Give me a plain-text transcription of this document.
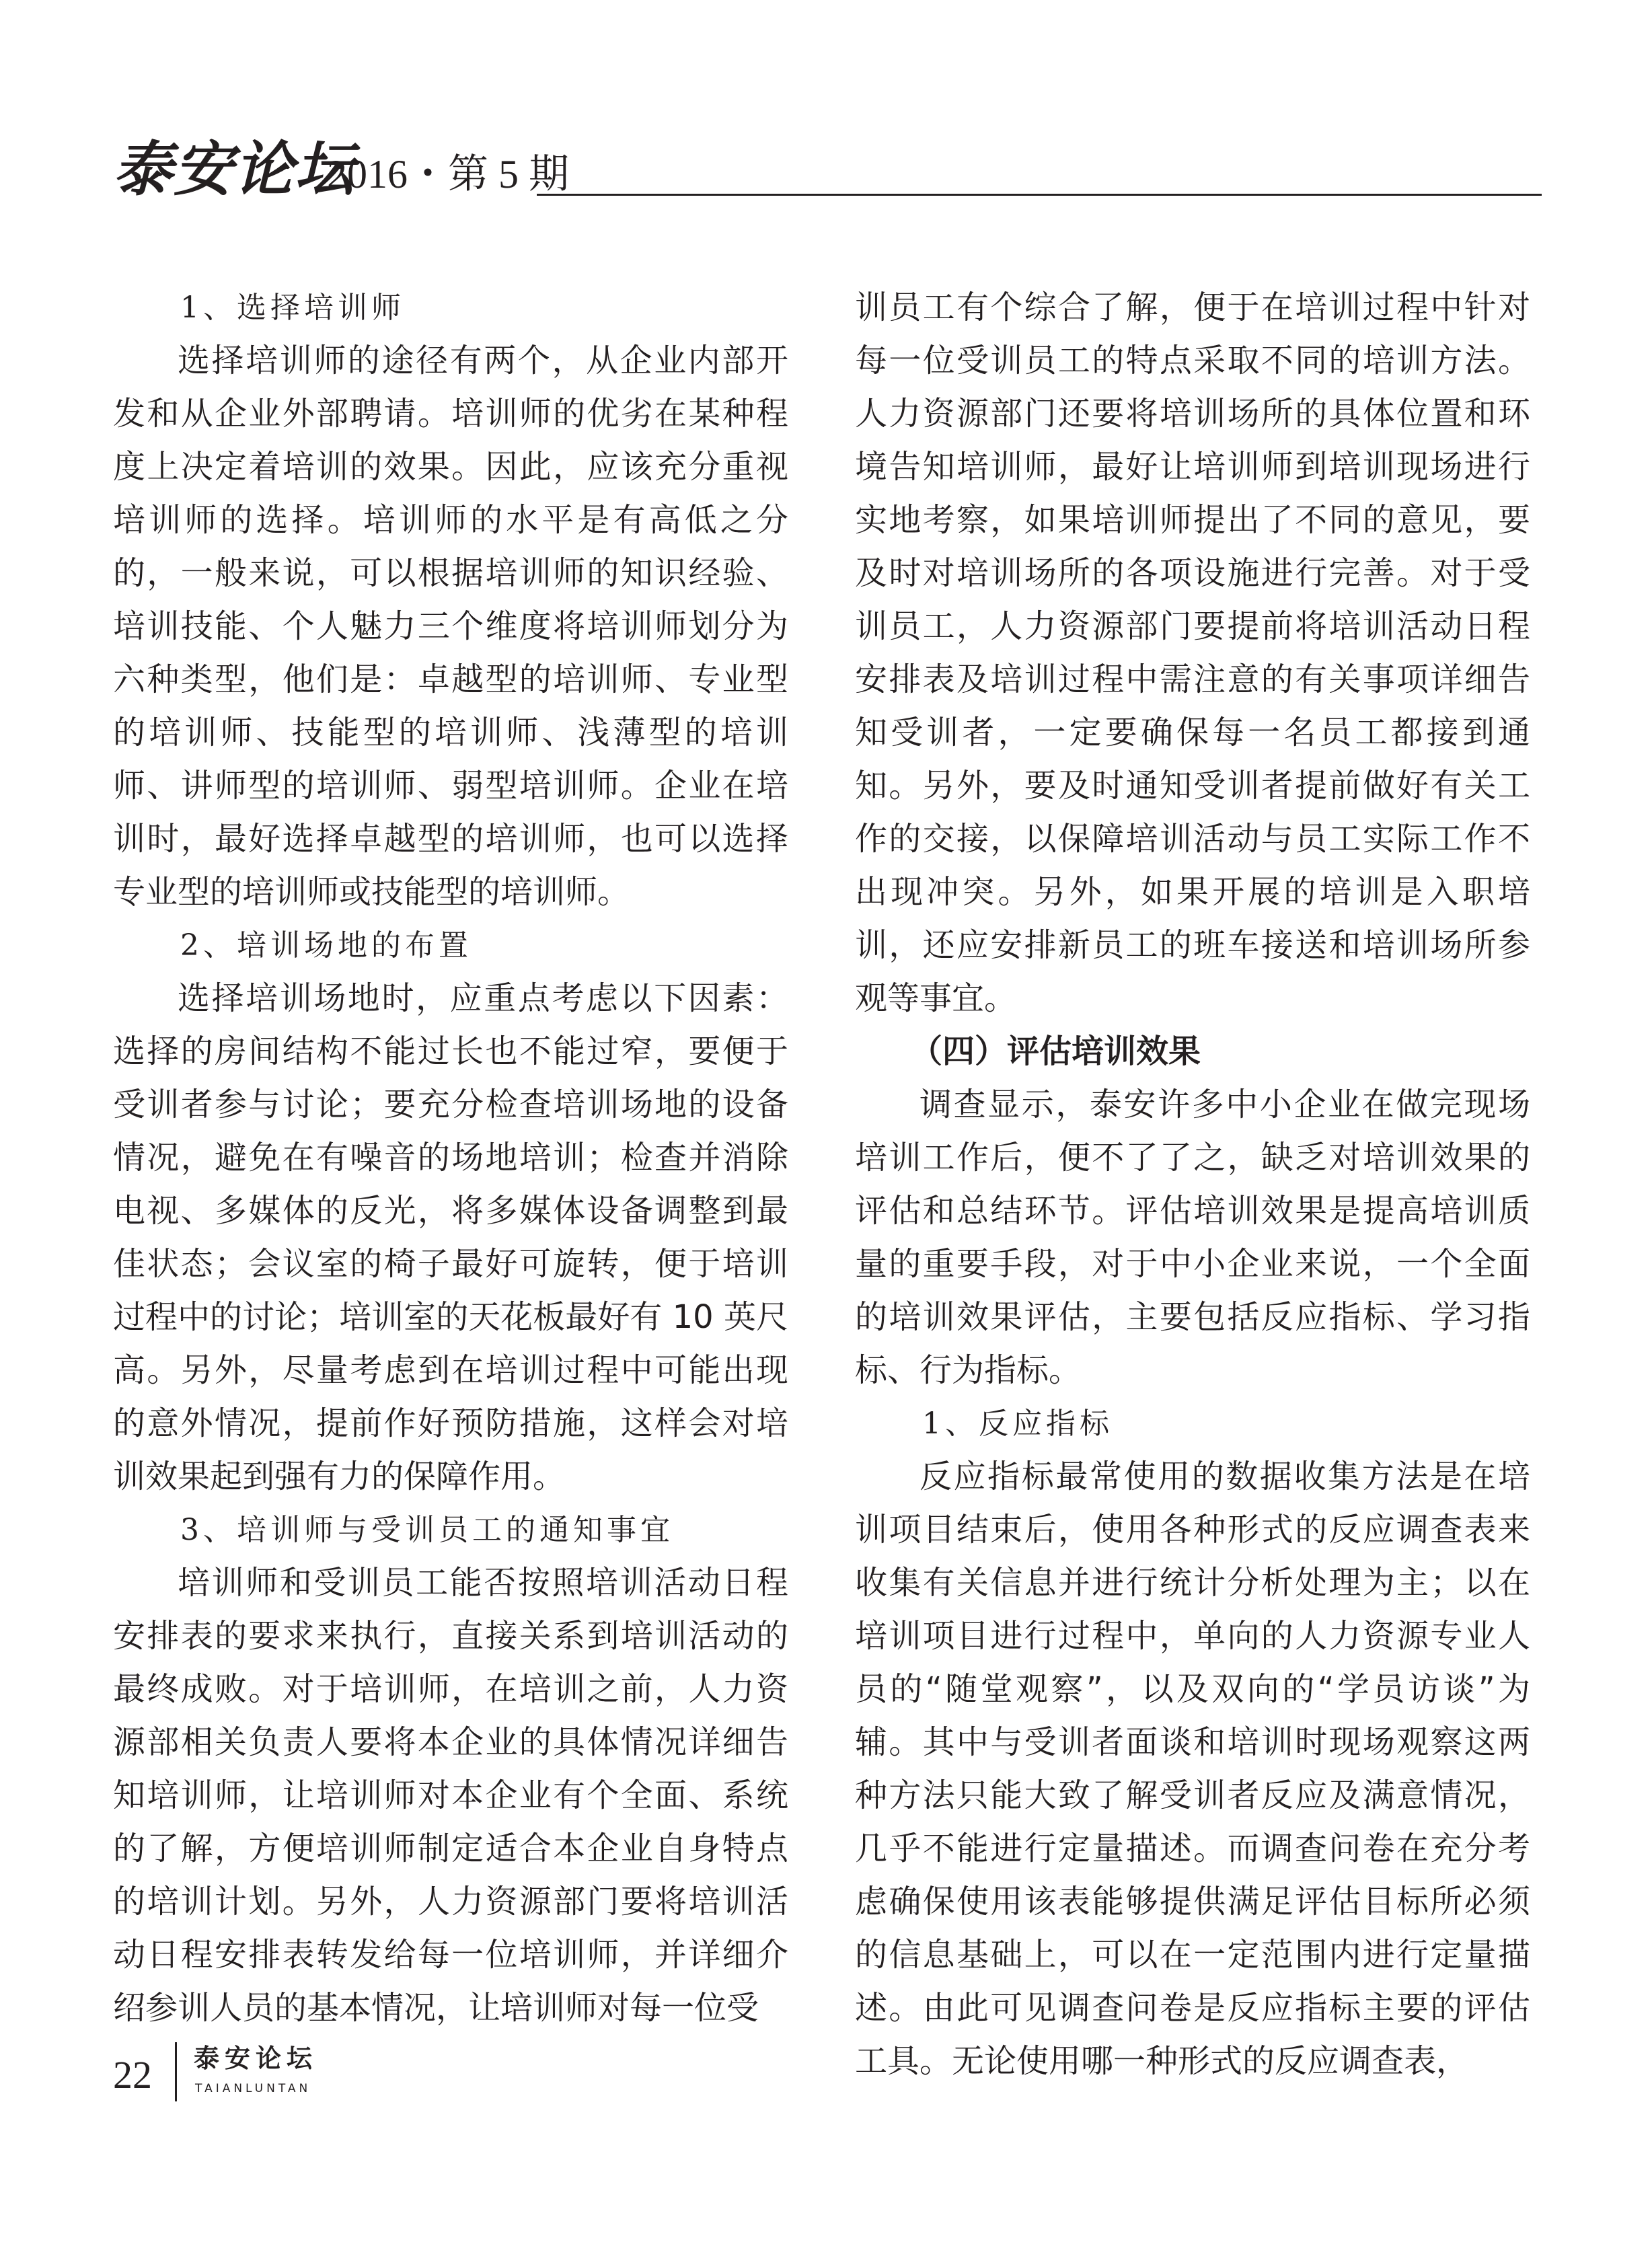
泰安论坛
2016・第 5 期

1、选择培训师

选择培训师的途径有两个，从企业内部开发和从企业外部聘请。培训师的优劣在某种程度上决定着培训的效果。因此，应该充分重视培训师的选择。培训师的水平是有高低之分的，一般来说，可以根据培训师的知识经验、培训技能、个人魅力三个维度将培训师划分为六种类型，他们是：卓越型的培训师、专业型的培训师、技能型的培训师、浅薄型的培训师、讲师型的培训师、弱型培训师。企业在培训时，最好选择卓越型的培训师，也可以选择专业型的培训师或技能型的培训师。

2、培训场地的布置

选择培训场地时，应重点考虑以下因素：选择的房间结构不能过长也不能过窄，要便于受训者参与讨论；要充分检查培训场地的设备情况，避免在有噪音的场地培训；检查并消除电视、多媒体的反光，将多媒体设备调整到最佳状态；会议室的椅子最好可旋转，便于培训过程中的讨论；培训室的天花板最好有 10 英尺高。另外，尽量考虑到在培训过程中可能出现的意外情况，提前作好预防措施，这样会对培训效果起到强有力的保障作用。

3、培训师与受训员工的通知事宜

培训师和受训员工能否按照培训活动日程安排表的要求来执行，直接关系到培训活动的最终成败。对于培训师，在培训之前，人力资源部相关负责人要将本企业的具体情况详细告知培训师，让培训师对本企业有个全面、系统的了解，方便培训师制定适合本企业自身特点的培训计划。另外，人力资源部门要将培训活动日程安排表转发给每一位培训师，并详细介绍参训人员的基本情况，让培训师对每一位受

训员工有个综合了解，便于在培训过程中针对每一位受训员工的特点采取不同的培训方法。人力资源部门还要将培训场所的具体位置和环境告知培训师，最好让培训师到培训现场进行实地考察，如果培训师提出了不同的意见，要及时对培训场所的各项设施进行完善。对于受训员工，人力资源部门要提前将培训活动日程安排表及培训过程中需注意的有关事项详细告知受训者，一定要确保每一名员工都接到通知。另外，要及时通知受训者提前做好有关工作的交接，以保障培训活动与员工实际工作不出现冲突。另外，如果开展的培训是入职培训，还应安排新员工的班车接送和培训场所参观等事宜。

（四）评估培训效果

调查显示，泰安许多中小企业在做完现场培训工作后，便不了了之，缺乏对培训效果的评估和总结环节。评估培训效果是提高培训质量的重要手段，对于中小企业来说，一个全面的培训效果评估，主要包括反应指标、学习指标、行为指标。

1、反应指标

反应指标最常使用的数据收集方法是在培训项目结束后，使用各种形式的反应调查表来收集有关信息并进行统计分析处理为主；以在培训项目进行过程中，单向的人力资源专业人员的“随堂观察”，以及双向的“学员访谈”为辅。其中与受训者面谈和培训时现场观察这两种方法只能大致了解受训者反应及满意情况，几乎不能进行定量描述。而调查问卷在充分考虑确保使用该表能够提供满足评估目标所必须的信息基础上，可以在一定范围内进行定量描述。由此可见调查问卷是反应指标主要的评估工具。无论使用哪一种形式的反应调查表，

22 泰安论坛
TAIANLUNTAN
